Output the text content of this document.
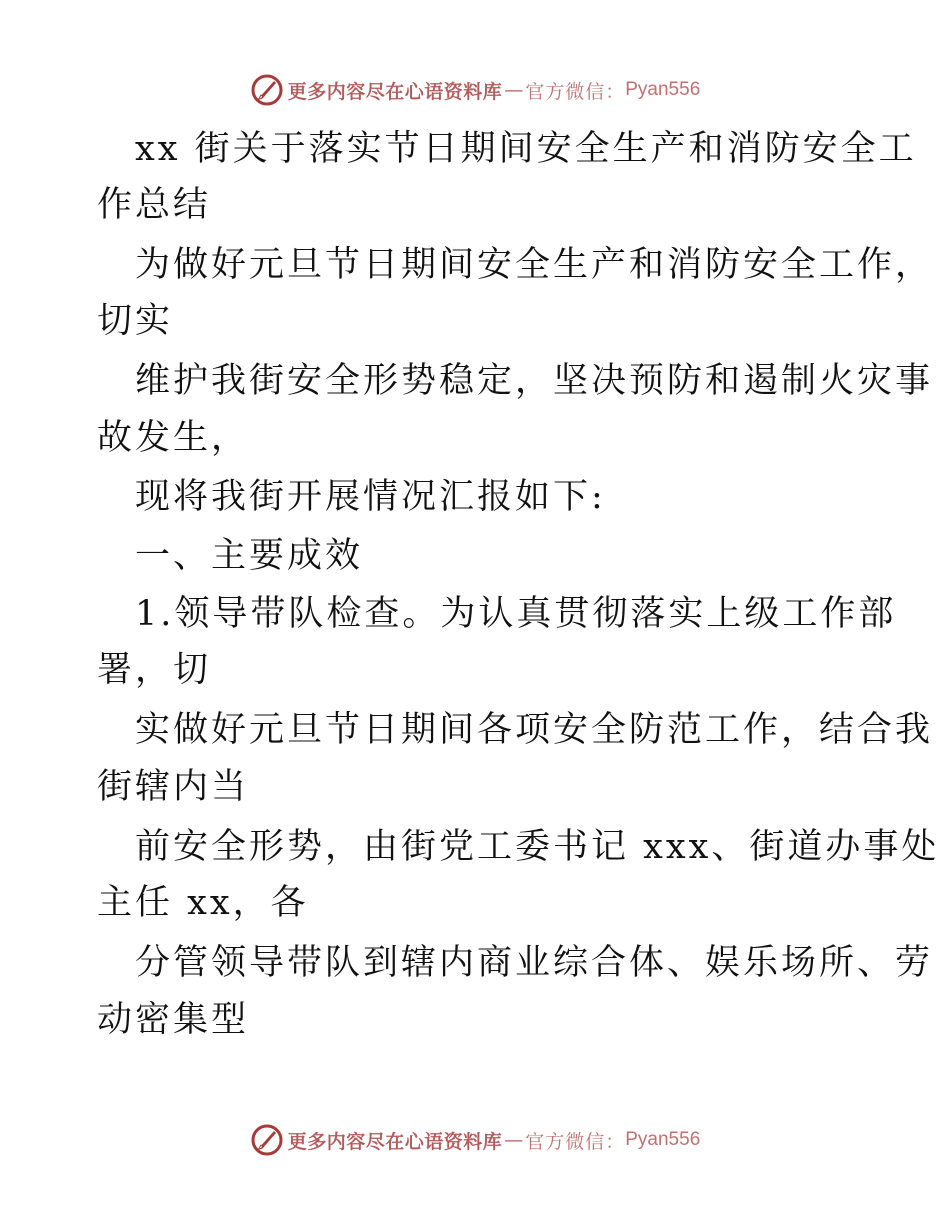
更多内容尽在心语资料库 — 官方微信： Pyan556
xx 街关于落实节日期间安全生产和消防安全工
作总结
为做好元旦节日期间安全生产和消防安全工作，
切实
维护我街安全形势稳定，坚决预防和遏制火灾事
故发生，
现将我街开展情况汇报如下:
一、主要成效
1.领导带队检查。为认真贯彻落实上级工作部
署，切
实做好元旦节日期间各项安全防范工作，结合我
街辖内当
前安全形势，由街党工委书记 xxx、街道办事处
主任 xx，各
分管领导带队到辖内商业综合体、娱乐场所、劳
动密集型
更多内容尽在心语资料库 — 官方微信： Pyan556
